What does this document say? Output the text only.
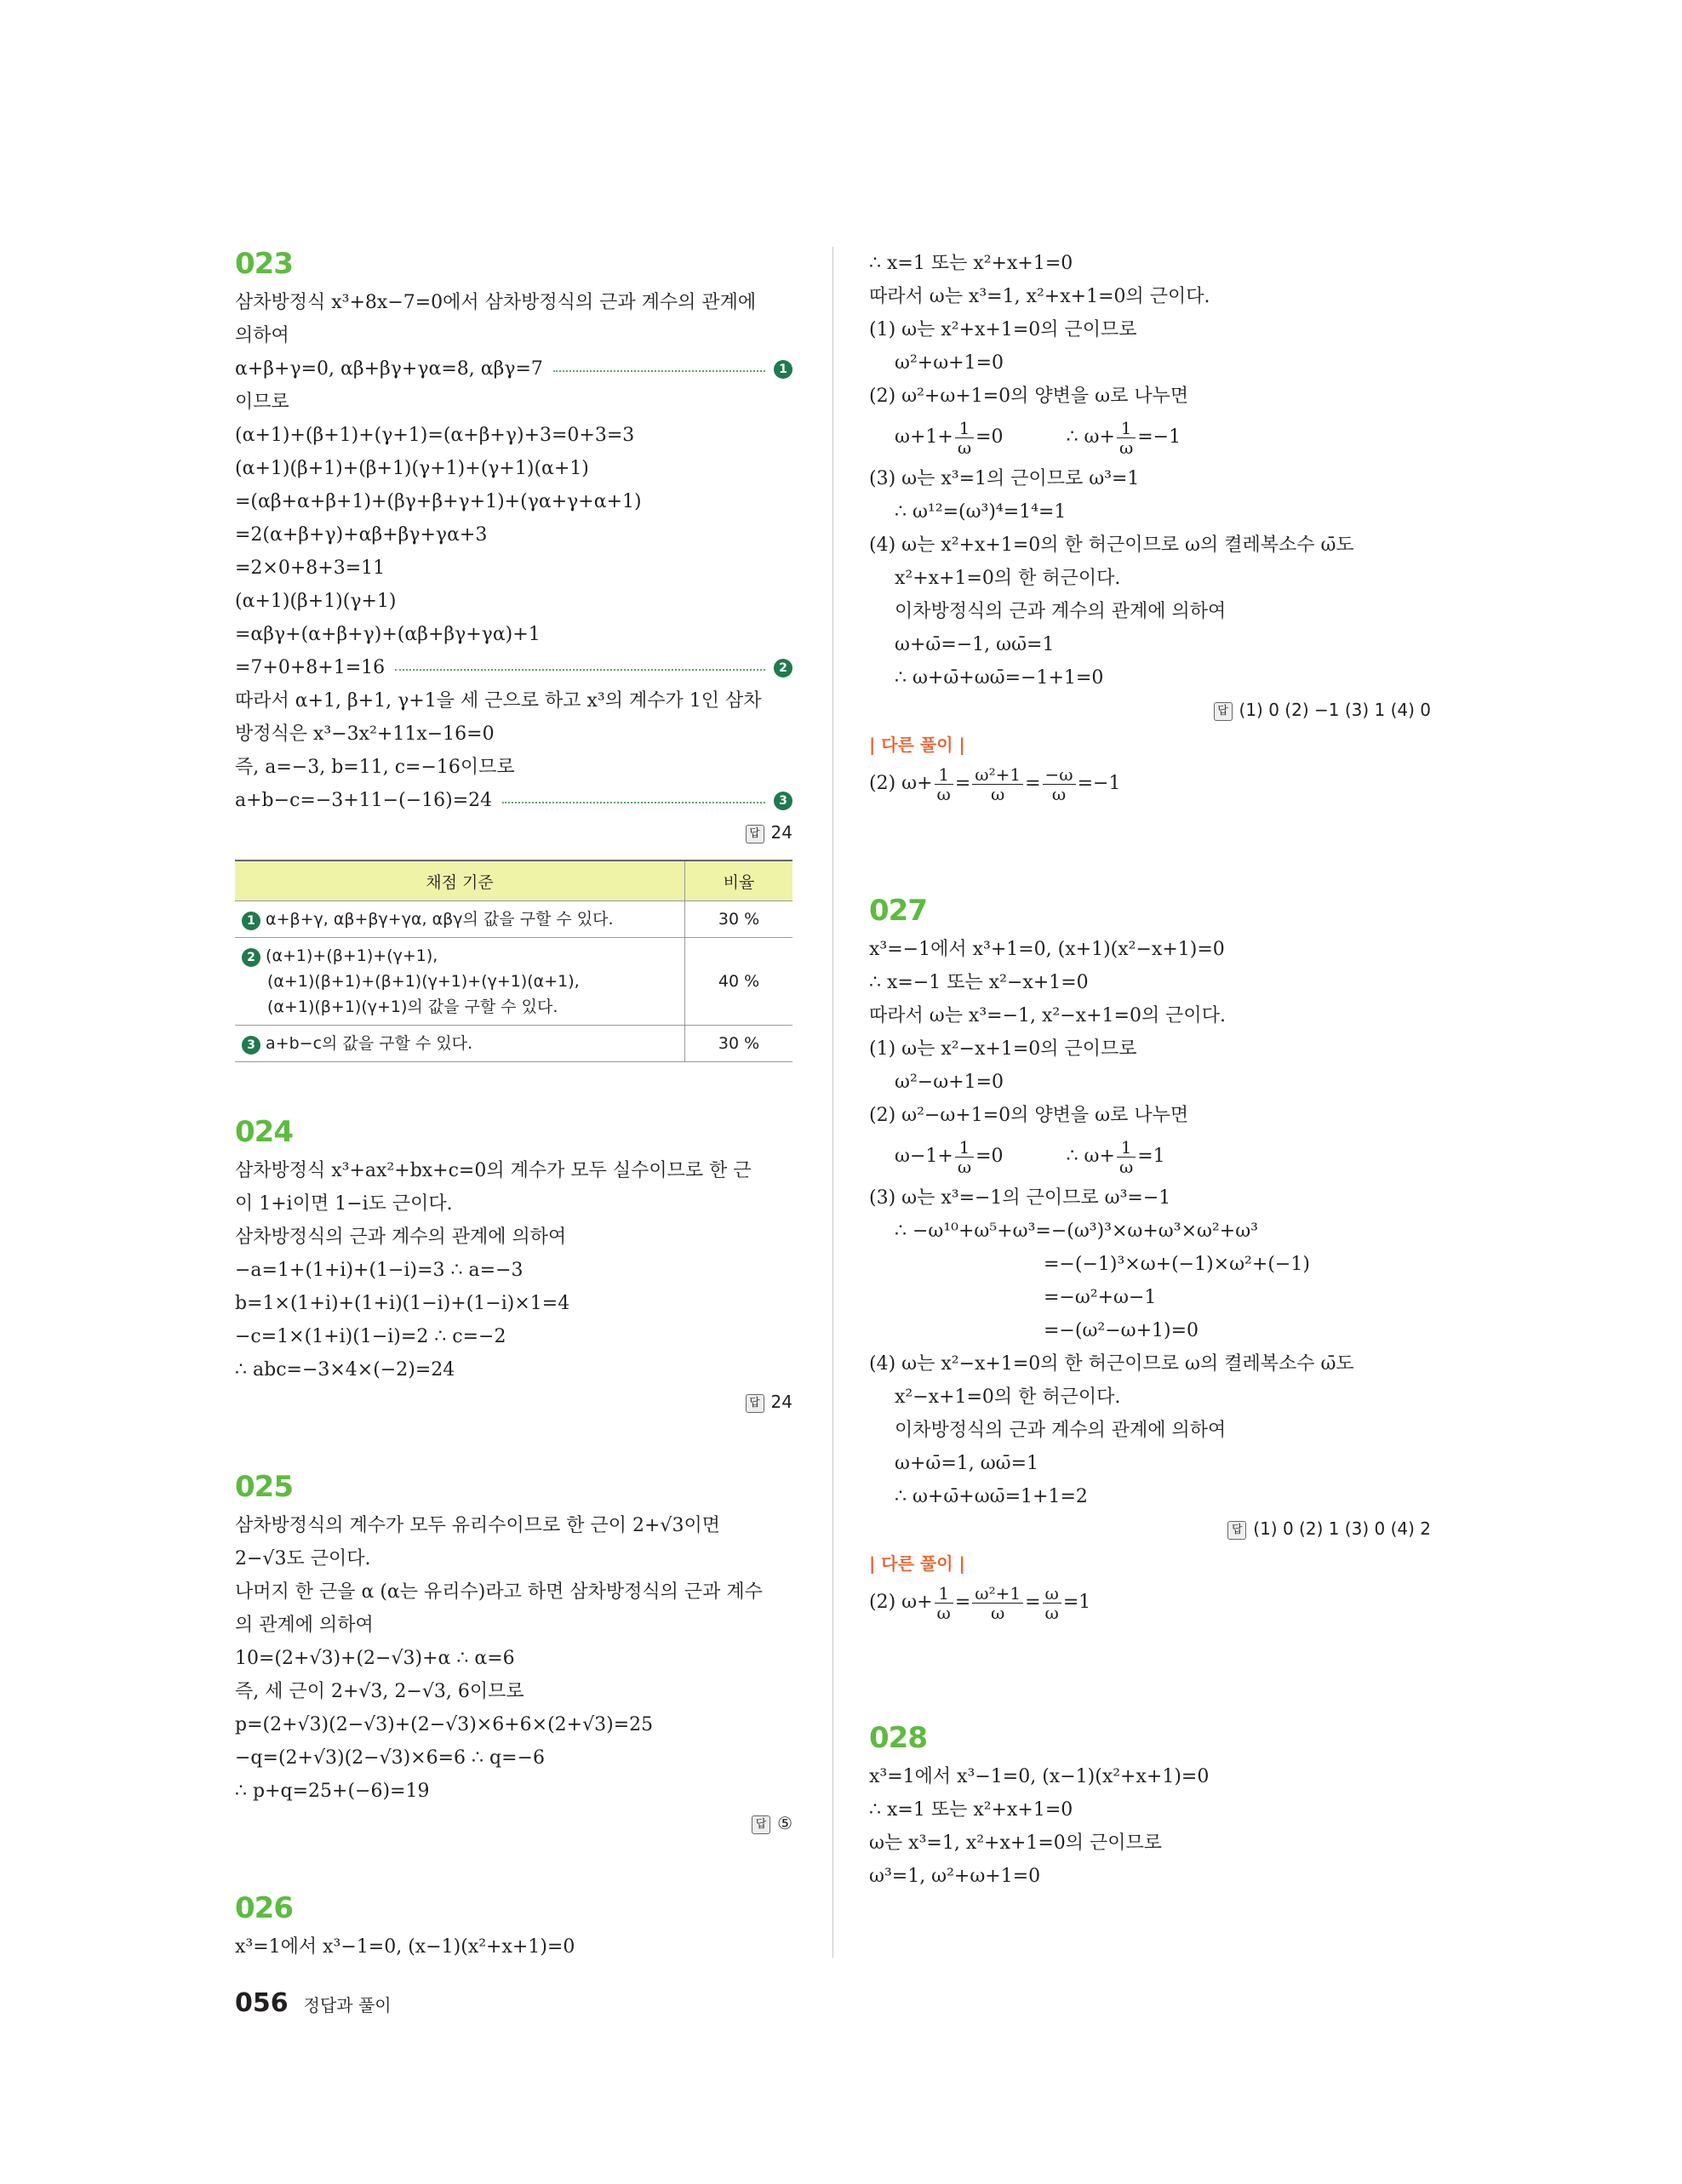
023
삼차방정식 x³+8x−7=0에서 삼차방정식의 근과 계수의 관계에
의하여
α+β+γ=0, αβ+βγ+γα=8, αβγ=7	1
이므로
(α+1)+(β+1)+(γ+1)=(α+β+γ)+3=0+3=3
(α+1)(β+1)+(β+1)(γ+1)+(γ+1)(α+1)
=(αβ+α+β+1)+(βγ+β+γ+1)+(γα+γ+α+1)
=2(α+β+γ)+αβ+βγ+γα+3
=2×0+8+3=11
(α+1)(β+1)(γ+1)
=αβγ+(α+β+γ)+(αβ+βγ+γα)+1
=7+0+8+1=16	2
따라서 α+1, β+1, γ+1을 세 근으로 하고 x³의 계수가 1인 삼차
방정식은 x³−3x²+11x−16=0
즉, a=−3, b=11, c=−16이므로
a+b−c=−3+11−(−16)=24	3
답 24
채점 기준	비율
1 α+β+γ, αβ+βγ+γα, αβγ의 값을 구할 수 있다.	30 %
2 (α+1)+(β+1)+(γ+1),
(α+1)(β+1)+(β+1)(γ+1)+(γ+1)(α+1),
(α+1)(β+1)(γ+1)의 값을 구할 수 있다.	40 %
3 a+b−c의 값을 구할 수 있다.	30 %
024
삼차방정식 x³+ax²+bx+c=0의 계수가 모두 실수이므로 한 근
이 1+i이면 1−i도 근이다.
삼차방정식의 근과 계수의 관계에 의하여
−a=1+(1+i)+(1−i)=3 ∴ a=−3
b=1×(1+i)+(1+i)(1−i)+(1−i)×1=4
−c=1×(1+i)(1−i)=2 ∴ c=−2
∴ abc=−3×4×(−2)=24
답 24
025
삼차방정식의 계수가 모두 유리수이므로 한 근이 2+√3이면
2−√3도 근이다.
나머지 한 근을 α (α는 유리수)라고 하면 삼차방정식의 근과 계수
의 관계에 의하여
10=(2+√3)+(2−√3)+α ∴ α=6
즉, 세 근이 2+√3, 2−√3, 6이므로
p=(2+√3)(2−√3)+(2−√3)×6+6×(2+√3)=25
−q=(2+√3)(2−√3)×6=6 ∴ q=−6
∴ p+q=25+(−6)=19
답 ⑤
026
x³=1에서 x³−1=0, (x−1)(x²+x+1)=0
∴ x=1 또는 x²+x+1=0
따라서 ω는 x³=1, x²+x+1=0의 근이다.
(1) ω는 x²+x+1=0의 근이므로
ω²+ω+1=0
(2) ω²+ω+1=0의 양변을 ω로 나누면
$\omega+1+ \frac{1}{\omega} =0$	∴ $\omega+ \frac{1}{\omega} =-1$
(3) ω는 x³=1의 근이므로 ω³=1
∴ ω¹²=(ω³)⁴=1⁴=1
(4) ω는 x²+x+1=0의 한 허근이므로 ω의 켤레복소수 ω̄도
x²+x+1=0의 한 허근이다.
이차방정식의 근과 계수의 관계에 의하여
ω+ω̄=−1, ωω̄=1
∴ ω+ω̄+ωω̄=−1+1=0
답 (1) 0 (2) −1 (3) 1 (4) 0
| 다른 풀이 |
(2) $\omega+ \frac{1}{\omega} = \frac{\text{ω²+1}}{\omega} = \frac{-\omega}{\omega} =-1$
027
x³=−1에서 x³+1=0, (x+1)(x²−x+1)=0
∴ x=−1 또는 x²−x+1=0
따라서 ω는 x³=−1, x²−x+1=0의 근이다.
(1) ω는 x²−x+1=0의 근이므로
ω²−ω+1=0
(2) ω²−ω+1=0의 양변을 ω로 나누면
$\omega-1+ \frac{1}{\omega} =0$	∴ $\omega+ \frac{1}{\omega} =1$
(3) ω는 x³=−1의 근이므로 ω³=−1
∴ −ω¹⁰+ω⁵+ω³=−(ω³)³×ω+ω³×ω²+ω³
=−(−1)³×ω+(−1)×ω²+(−1)
=−ω²+ω−1
=−(ω²−ω+1)=0
(4) ω는 x²−x+1=0의 한 허근이므로 ω의 켤레복소수 ω̄도
x²−x+1=0의 한 허근이다.
이차방정식의 근과 계수의 관계에 의하여
ω+ω̄=1, ωω̄=1
∴ ω+ω̄+ωω̄=1+1=2
답 (1) 0 (2) 1 (3) 0 (4) 2
| 다른 풀이 |
(2) $\omega+ \frac{1}{\omega} = \frac{\text{ω²+1}}{\omega} = \frac{\omega}{\omega} =1$
028
x³=1에서 x³−1=0, (x−1)(x²+x+1)=0
∴ x=1 또는 x²+x+1=0
ω는 x³=1, x²+x+1=0의 근이므로
ω³=1, ω²+ω+1=0
056 정답과 풀이
